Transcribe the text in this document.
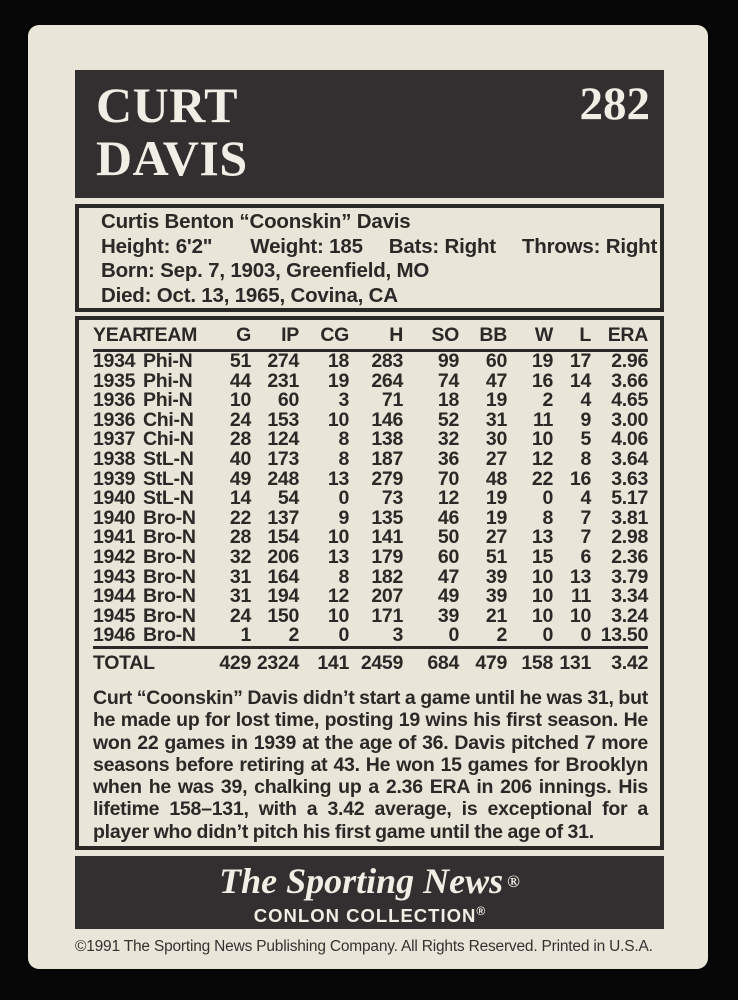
CURT
DAVIS
282
Curtis Benton “Coonskin” Davis
Height: 6'2" Weight: 185 Bats: Right Throws: Right
Born: Sep. 7, 1903, Greenfield, MO
Died: Oct. 13, 1965, Covina, CA
YEAR	TEAM	G	IP	CG	H	SO	BB	W	L	ERA
1934	Phi-N	51	274	18	283	99	60	19	17	2.96
1935	Phi-N	44	231	19	264	74	47	16	14	3.66
1936	Phi-N	10	60	3	71	18	19	2	4	4.65
1936	Chi-N	24	153	10	146	52	31	11	9	3.00
1937	Chi-N	28	124	8	138	32	30	10	5	4.06
1938	StL-N	40	173	8	187	36	27	12	8	3.64
1939	StL-N	49	248	13	279	70	48	22	16	3.63
1940	StL-N	14	54	0	73	12	19	0	4	5.17
1940	Bro-N	22	137	9	135	46	19	8	7	3.81
1941	Bro-N	28	154	10	141	50	27	13	7	2.98
1942	Bro-N	32	206	13	179	60	51	15	6	2.36
1943	Bro-N	31	164	8	182	47	39	10	13	3.79
1944	Bro-N	31	194	12	207	49	39	10	11	3.34
1945	Bro-N	24	150	10	171	39	21	10	10	3.24
1946	Bro-N	1	2	0	3	0	2	0	0	13.50
TOTAL		429	2324	141	2459	684	479	158	131	3.42

Curt “Coonskin” Davis didn’t start a game until he was 31, but he made up for lost time, posting 19 wins his first season. He won 22 games in 1939 at the age of 36. Davis pitched 7 more seasons before retiring at 43. He won 15 games for Brooklyn when he was 39, chalking up a 2.36 ERA in 206 innings. His lifetime 158–131, with a 3.42 average, is exceptional for a player who didn’t pitch his first game until the age of 31.

The Sporting News ®
CONLON COLLECTION®
©1991 The Sporting News Publishing Company. All Rights Reserved. Printed in U.S.A.
